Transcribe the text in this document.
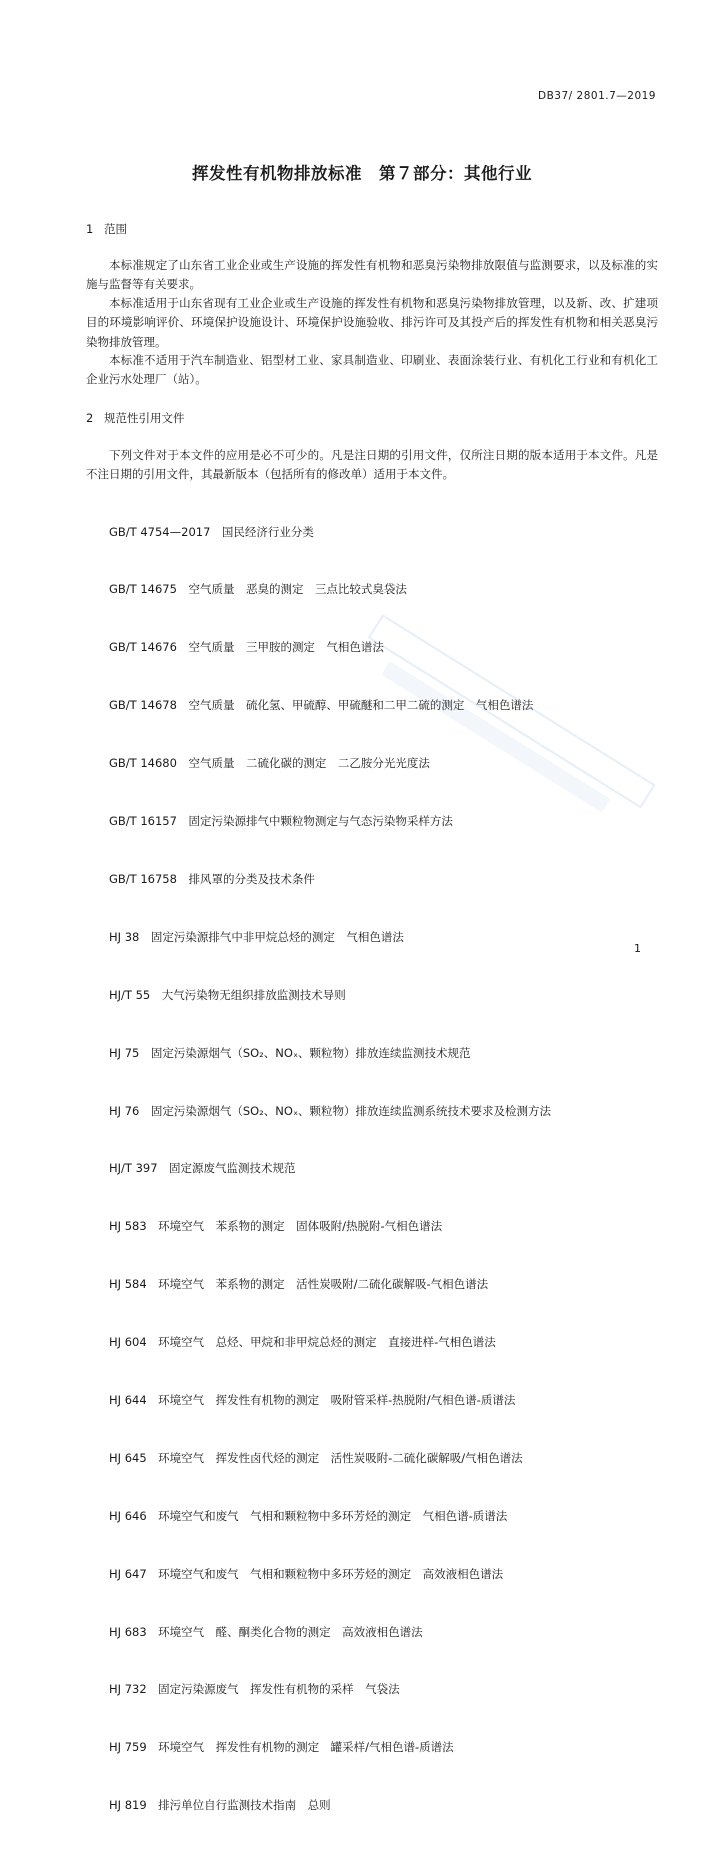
DB37/ 2801.7—2019
挥发性有机物排放标准　第７部分：其他行业
1 范围
本标准规定了山东省工业企业或生产设施的挥发性有机物和恶臭污染物排放限值与监测要求，以及标准的实施与监督等有关要求。
本标准适用于山东省现有工业企业或生产设施的挥发性有机物和恶臭污染物排放管理，以及新、改、扩建项目的环境影响评价、环境保护设施设计、环境保护设施验收、排污许可及其投产后的挥发性有机物和相关恶臭污染物排放管理。
本标准不适用于汽车制造业、铝型材工业、家具制造业、印刷业、表面涂装行业、有机化工行业和有机化工企业污水处理厂（站）。
2 规范性引用文件
下列文件对于本文件的应用是必不可少的。凡是注日期的引用文件，仅所注日期的版本适用于本文件。凡是不注日期的引用文件，其最新版本（包括所有的修改单）适用于本文件。

GB/T 4754—2017　国民经济行业分类

GB/T 14675　空气质量　恶臭的测定　三点比较式臭袋法

GB/T 14676　空气质量　三甲胺的测定　气相色谱法

GB/T 14678　空气质量　硫化氢、甲硫醇、甲硫醚和二甲二硫的测定　气相色谱法

GB/T 14680　空气质量　二硫化碳的测定　二乙胺分光光度法

GB/T 16157　固定污染源排气中颗粒物测定与气态污染物采样方法

GB/T 16758　排风罩的分类及技术条件

HJ 38　固定污染源排气中非甲烷总烃的测定　气相色谱法

HJ/T 55　大气污染物无组织排放监测技术导则

HJ 75　固定污染源烟气（SO₂、NOₓ、颗粒物）排放连续监测技术规范

HJ 76　固定污染源烟气（SO₂、NOₓ、颗粒物）排放连续监测系统技术要求及检测方法

HJ/T 397　固定源废气监测技术规范

HJ 583　环境空气　苯系物的测定　固体吸附/热脱附-气相色谱法

HJ 584　环境空气　苯系物的测定　活性炭吸附/二硫化碳解吸-气相色谱法

HJ 604　环境空气　总烃、甲烷和非甲烷总烃的测定　直接进样-气相色谱法

HJ 644　环境空气　挥发性有机物的测定　吸附管采样-热脱附/气相色谱-质谱法

HJ 645　环境空气　挥发性卤代烃的测定　活性炭吸附-二硫化碳解吸/气相色谱法

HJ 646　环境空气和废气　气相和颗粒物中多环芳烃的测定　气相色谱-质谱法

HJ 647　环境空气和废气　气相和颗粒物中多环芳烃的测定　高效液相色谱法

HJ 683　环境空气　醛、酮类化合物的测定　高效液相色谱法

HJ 732　固定污染源废气　挥发性有机物的采样　气袋法

HJ 759　环境空气　挥发性有机物的测定　罐采样/气相色谱-质谱法

HJ 819　排污单位自行监测技术指南　总则

1
